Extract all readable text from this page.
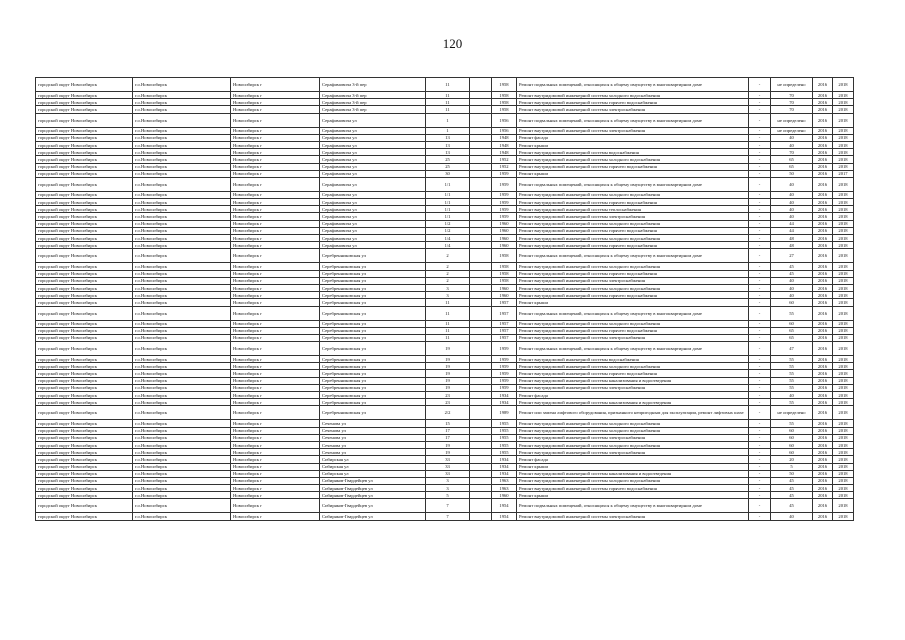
120
городской округ Новосибирск	г.о.Новосибирск	Новосибирск г	Серафимовича 3-й пер	11		1958	Ремонт подвальных помещений, относящихся к общему имуществу в многоквартирном доме	-	не определено	2016	2018
городской округ Новосибирск	г.о.Новосибирск	Новосибирск г	Серафимовича 3-й пер	11		1958	Ремонт внутридомовой инженерной системы холодного водоснабжения	-	70	2016	2018
городской округ Новосибирск	г.о.Новосибирск	Новосибирск г	Серафимовича 3-й пер	11		1958	Ремонт внутридомовой инженерной системы горячего водоснабжения	-	70	2016	2018
городской округ Новосибирск	г.о.Новосибирск	Новосибирск г	Серафимовича 3-й пер	11		1958	Ремонт внутридомовой инженерной системы электроснабжения	-	70	2016	2018
городской округ Новосибирск	г.о.Новосибирск	Новосибирск г	Серафимовича ул	1		1956	Ремонт подвальных помещений, относящихся к общему имуществу в многоквартирном доме	-	не определено	2016	2018
городской округ Новосибирск	г.о.Новосибирск	Новосибирск г	Серафимовича ул	1		1956	Ремонт внутридомовой инженерной системы электроснабжения	-	не определено	2016	2018
городской округ Новосибирск	г.о.Новосибирск	Новосибирск г	Серафимовича ул	13		1948	Ремонт фасада	-	40	2016	2018
городской округ Новосибирск	г.о.Новосибирск	Новосибирск г	Серафимовича ул	13		1948	Ремонт крыши	-	40	2016	2018
городской округ Новосибирск	г.о.Новосибирск	Новосибирск г	Серафимовича ул	13		1948	Ремонт внутридомовой инженерной системы водоснабжения	-	70	2016	2018
городской округ Новосибирск	г.о.Новосибирск	Новосибирск г	Серафимовича ул	25		1952	Ремонт внутридомовой инженерной системы холодного водоснабжения	-	65	2016	2018
городской округ Новосибирск	г.о.Новосибирск	Новосибирск г	Серафимовича ул	25		1952	Ремонт внутридомовой инженерной системы горячего водоснабжения	-	65	2016	2018
городской округ Новосибирск	г.о.Новосибирск	Новосибирск г	Серафимовича ул	30		1959	Ремонт крыши	-	50	2016	2017
городской округ Новосибирск	г.о.Новосибирск	Новосибирск г	Серафимовича ул	1/1		1959	Ремонт подвальных помещений, относящихся к общему имуществу в многоквартирном доме	-	40	2016	2018
городской округ Новосибирск	г.о.Новосибирск	Новосибирск г	Серафимовича ул	1/1		1959	Ремонт внутридомовой инженерной системы холодного водоснабжения	-	40	2016	2018
городской округ Новосибирск	г.о.Новосибирск	Новосибирск г	Серафимовича ул	1/1		1959	Ремонт внутридомовой инженерной системы горячего водоснабжения	-	40	2016	2018
городской округ Новосибирск	г.о.Новосибирск	Новосибирск г	Серафимовича ул	1/1		1959	Ремонт внутридомовой инженерной системы теплоснабжения	-	40	2016	2018
городской округ Новосибирск	г.о.Новосибирск	Новосибирск г	Серафимовича ул	1/1		1959	Ремонт внутридомовой инженерной системы электроснабжения	-	40	2016	2018
городской округ Новосибирск	г.о.Новосибирск	Новосибирск г	Серафимовича ул	1/2		1960	Ремонт внутридомовой инженерной системы холодного водоснабжения	-	44	2016	2018
городской округ Новосибирск	г.о.Новосибирск	Новосибирск г	Серафимовича ул	1/2		1960	Ремонт внутридомовой инженерной системы горячего водоснабжения	-	44	2016	2018
городской округ Новосибирск	г.о.Новосибирск	Новосибирск г	Серафимовича ул	1/4		1960	Ремонт внутридомовой инженерной системы холодного водоснабжения	-	48	2016	2018
городской округ Новосибирск	г.о.Новосибирск	Новосибирск г	Серафимовича ул	1/4		1960	Ремонт внутридомовой инженерной системы горячего водоснабжения	-	48	2016	2018
городской округ Новосибирск	г.о.Новосибирск	Новосибирск г	Серебренниковская ул	2		1958	Ремонт подвальных помещений, относящихся к общему имуществу в многоквартирном доме	-	27	2016	2018
городской округ Новосибирск	г.о.Новосибирск	Новосибирск г	Серебренниковская ул	2		1958	Ремонт внутридомовой инженерной системы холодного водоснабжения	-	45	2016	2018
городской округ Новосибирск	г.о.Новосибирск	Новосибирск г	Серебренниковская ул	2		1958	Ремонт внутридомовой инженерной системы горячего водоснабжения	-	45	2016	2018
городской округ Новосибирск	г.о.Новосибирск	Новосибирск г	Серебренниковская ул	2		1958	Ремонт внутридомовой инженерной системы электроснабжения	-	40	2016	2018
городской округ Новосибирск	г.о.Новосибирск	Новосибирск г	Серебренниковская ул	3		1960	Ремонт внутридомовой инженерной системы холодного водоснабжения	-	40	2016	2018
городской округ Новосибирск	г.о.Новосибирск	Новосибирск г	Серебренниковская ул	3		1960	Ремонт внутридомовой инженерной системы горячего водоснабжения	-	40	2016	2018
городской округ Новосибирск	г.о.Новосибирск	Новосибирск г	Серебренниковская ул	11		1957	Ремонт крыши	-	60	2016	2018
городской округ Новосибирск	г.о.Новосибирск	Новосибирск г	Серебренниковская ул	11		1957	Ремонт подвальных помещений, относящихся к общему имуществу в многоквартирном доме	-	55	2016	2018
городской округ Новосибирск	г.о.Новосибирск	Новосибирск г	Серебренниковская ул	11		1957	Ремонт внутридомовой инженерной системы холодного водоснабжения	-	60	2016	2018
городской округ Новосибирск	г.о.Новосибирск	Новосибирск г	Серебренниковская ул	11		1957	Ремонт внутридомовой инженерной системы горячего водоснабжения	-	65	2016	2018
городской округ Новосибирск	г.о.Новосибирск	Новосибирск г	Серебренниковская ул	11		1957	Ремонт внутридомовой инженерной системы электроснабжения	-	65	2016	2018
городской округ Новосибирск	г.о.Новосибирск	Новосибирск г	Серебренниковская ул	19		1959	Ремонт подвальных помещений, относящихся к общему имуществу в многоквартирном доме	-	47	2016	2018
городской округ Новосибирск	г.о.Новосибирск	Новосибирск г	Серебренниковская ул	19		1959	Ремонт внутридомовой инженерной системы водоснабжения	-	55	2016	2018
городской округ Новосибирск	г.о.Новосибирск	Новосибирск г	Серебренниковская ул	19		1959	Ремонт внутридомовой инженерной системы холодного водоснабжения	-	55	2016	2018
городской округ Новосибирск	г.о.Новосибирск	Новосибирск г	Серебренниковская ул	19		1959	Ремонт внутридомовой инженерной системы горячего водоснабжения	-	55	2016	2018
городской округ Новосибирск	г.о.Новосибирск	Новосибирск г	Серебренниковская ул	19		1959	Ремонт внутридомовой инженерной системы канализования и водоотведения	-	55	2016	2018
городской округ Новосибирск	г.о.Новосибирск	Новосибирск г	Серебренниковская ул	19		1959	Ремонт внутридомовой инженерной системы электроснабжения	-	55	2016	2018
городской округ Новосибирск	г.о.Новосибирск	Новосибирск г	Серебренниковская ул	23		1934	Ремонт фасада	-	40	2016	2018
городской округ Новосибирск	г.о.Новосибирск	Новосибирск г	Серебренниковская ул	23		1934	Ремонт внутридомовой инженерной системы канализования и водоотведения	-	55	2016	2018
городской округ Новосибирск	г.о.Новосибирск	Новосибирск г	Серебренниковская ул	2/2		1989	Ремонт или замена лифтового оборудования, признанного непригодным для эксплуатации, ремонт лифтовых шахт	-	не определено	2016	2018
городской округ Новосибирск	г.о.Новосибирск	Новосибирск г	Сеченова ул	15		1955	Ремонт внутридомовой инженерной системы холодного водоснабжения	-	55	2016	2018
городской округ Новосибирск	г.о.Новосибирск	Новосибирск г	Сеченова ул	17		1955	Ремонт внутридомовой инженерной системы холодного водоснабжения	-	60	2016	2018
городской округ Новосибирск	г.о.Новосибирск	Новосибирск г	Сеченова ул	17		1955	Ремонт внутридомовой инженерной системы электроснабжения	-	60	2016	2018
городской округ Новосибирск	г.о.Новосибирск	Новосибирск г	Сеченова ул	19		1955	Ремонт внутридомовой инженерной системы холодного водоснабжения	-	60	2016	2018
городской округ Новосибирск	г.о.Новосибирск	Новосибирск г	Сеченова ул	19		1955	Ремонт внутридомовой инженерной системы электроснабжения	-	60	2016	2018
городской округ Новосибирск	г.о.Новосибирск	Новосибирск г	Сибирская ул	33		1934	Ремонт фасада	-	20	2016	2018
городской округ Новосибирск	г.о.Новосибирск	Новосибирск г	Сибирская ул	33		1934	Ремонт крыши	-	5	2016	2018
городской округ Новосибирск	г.о.Новосибирск	Новосибирск г	Сибирская ул	33		1934	Ремонт внутридомовой инженерной системы канализования и водоотведения	-	50	2016	2018
городской округ Новосибирск	г.о.Новосибирск	Новосибирск г	Сибиряков-Гвардейцев ул	3		1963	Ремонт внутридомовой инженерной системы холодного водоснабжения	-	45	2016	2018
городской округ Новосибирск	г.о.Новосибирск	Новосибирск г	Сибиряков-Гвардейцев ул	3		1963	Ремонт внутридомовой инженерной системы горячего водоснабжения	-	45	2016	2018
городской округ Новосибирск	г.о.Новосибирск	Новосибирск г	Сибиряков-Гвардейцев ул	5		1960	Ремонт крыши	-	45	2016	2018
городской округ Новосибирск	г.о.Новосибирск	Новосибирск г	Сибиряков-Гвардейцев ул	7		1954	Ремонт подвальных помещений, относящихся к общему имуществу в многоквартирном доме	-	45	2016	2018
городской округ Новосибирск	г.о.Новосибирск	Новосибирск г	Сибиряков-Гвардейцев ул	7		1954	Ремонт внутридомовой инженерной системы электроснабжения	-	40	2016	2018
